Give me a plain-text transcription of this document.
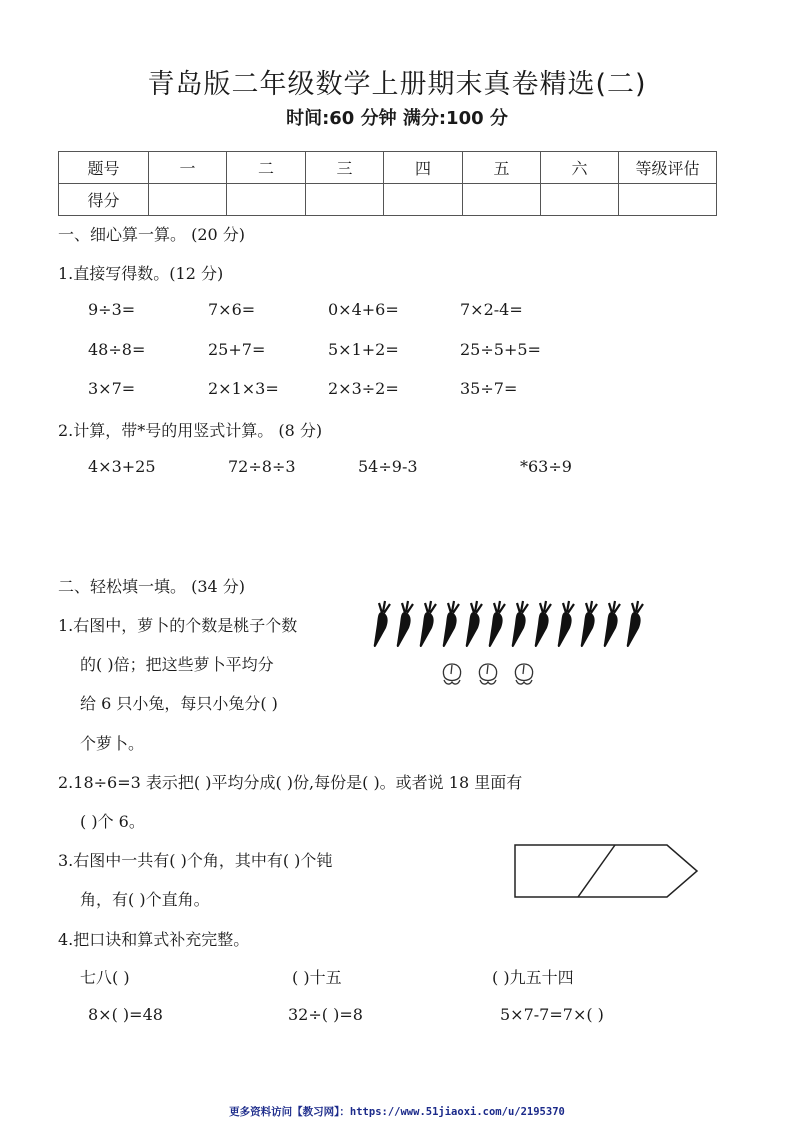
青岛版二年级数学上册期末真卷精选(二)
时间:60 分钟 满分:100 分
题号	一	二	三	四	五	六	等级评估
得分							
一、细心算一算。 (20 分)
1.直接写得数。(12 分)
9÷3=	7×6=	0×4+6=	7×2-4=
48÷8=	25+7=	5×1+2=	25÷5+5=
3×7=	2×1×3=	2×3÷2=	35÷7=
2.计算，带*号的用竖式计算。 (8 分)
4×3+25	72÷8÷3	54÷9-3	*63÷9
二、轻松填一填。 (34 分)
1.右图中，萝卜的个数是桃子个数
的( )倍；把这些萝卜平均分
给 6 只小兔，每只小兔分( )
个萝卜。
2.18÷6=3 表示把( )平均分成( )份,每份是( )。或者说 18 里面有
( )个 6。
3.右图中一共有( )个角，其中有( )个钝
角，有( )个直角。
4.把口诀和算式补充完整。
七八( )	( )十五	( )九五十四
8×( )=48	32÷( )=8	5×7-7=7×( )
更多资料访问【教习网】：https://www.51jiaoxi.com/u/2195370
